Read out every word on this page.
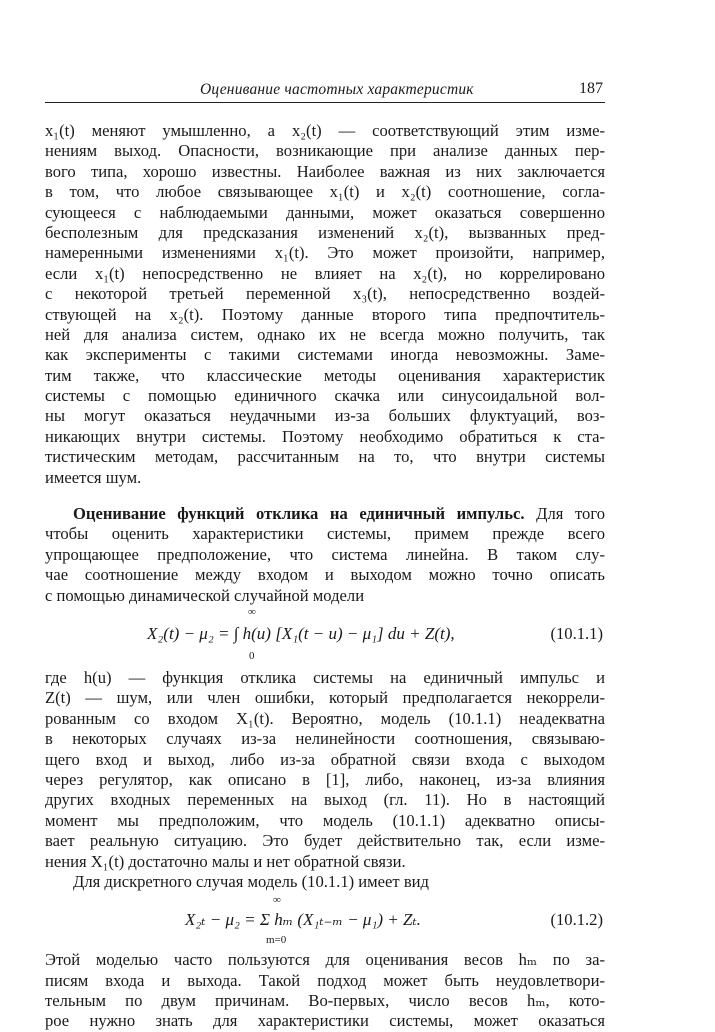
Оценивание частотных характеристик	187
x₁(t) меняют умышленно, а x₂(t) — соответствующий этим изме-
нениям выход. Опасности, возникающие при анализе данных пер-
вого типа, хорошо известны. Наиболее важная из них заключается
в том, что любое связывающее x₁(t) и x₂(t) соотношение, согла-
сующееся с наблюдаемыми данными, может оказаться совершенно
бесполезным для предсказания изменений x₂(t), вызванных пред-
намеренными изменениями x₁(t). Это может произойти, например,
если x₁(t) непосредственно не влияет на x₂(t), но коррелировано
с некоторой третьей переменной x₃(t), непосредственно воздей-
ствующей на x₂(t). Поэтому данные второго типа предпочтитель-
ней для анализа систем, однако их не всегда можно получить, так
как эксперименты с такими системами иногда невозможны. Заме-
тим также, что классические методы оценивания характеристик
системы с помощью единичного скачка или синусоидальной вол-
ны могут оказаться неудачными из-за больших флуктуаций, воз-
никающих внутри системы. Поэтому необходимо обратиться к ста-
тистическим методам, рассчитанным на то, что внутри системы
имеется шум.
Оценивание функций отклика на единичный импульс. Для того
чтобы оценить характеристики системы, примем прежде всего
упрощающее предположение, что система линейна. В таком слу-
чае соотношение между входом и выходом можно точно описать
с помощью динамической случайной модели
∞
X₂(t) − μ₂ = ∫ h(u) [X₁(t − u) − μ₁] du + Z(t),
0
(10.1.1)
где h(u) — функция отклика системы на единичный импульс и
Z(t) — шум, или член ошибки, который предполагается некоррели-
рованным со входом X₁(t). Вероятно, модель (10.1.1) неадекватна
в некоторых случаях из-за нелинейности соотношения, связываю-
щего вход и выход, либо из-за обратной связи входа с выходом
через регулятор, как описано в [1], либо, наконец, из-за влияния
других входных переменных на выход (гл. 11). Но в настоящий
момент мы предположим, что модель (10.1.1) адекватно описы-
вает реальную ситуацию. Это будет действительно так, если изме-
нения X₁(t) достаточно малы и нет обратной связи.
Для дискретного случая модель (10.1.1) имеет вид
∞
X₂ₜ − μ₂ = Σ hₘ (X₁ₜ₋ₘ − μ₁) + Zₜ.
m=0
(10.1.2)
Этой моделью часто пользуются для оценивания весов hₘ по за-
писям входа и выхода. Такой подход может быть неудовлетвори-
тельным по двум причинам. Во-первых, число весов hₘ, кото-
рое нужно знать для характеристики системы, может оказаться
